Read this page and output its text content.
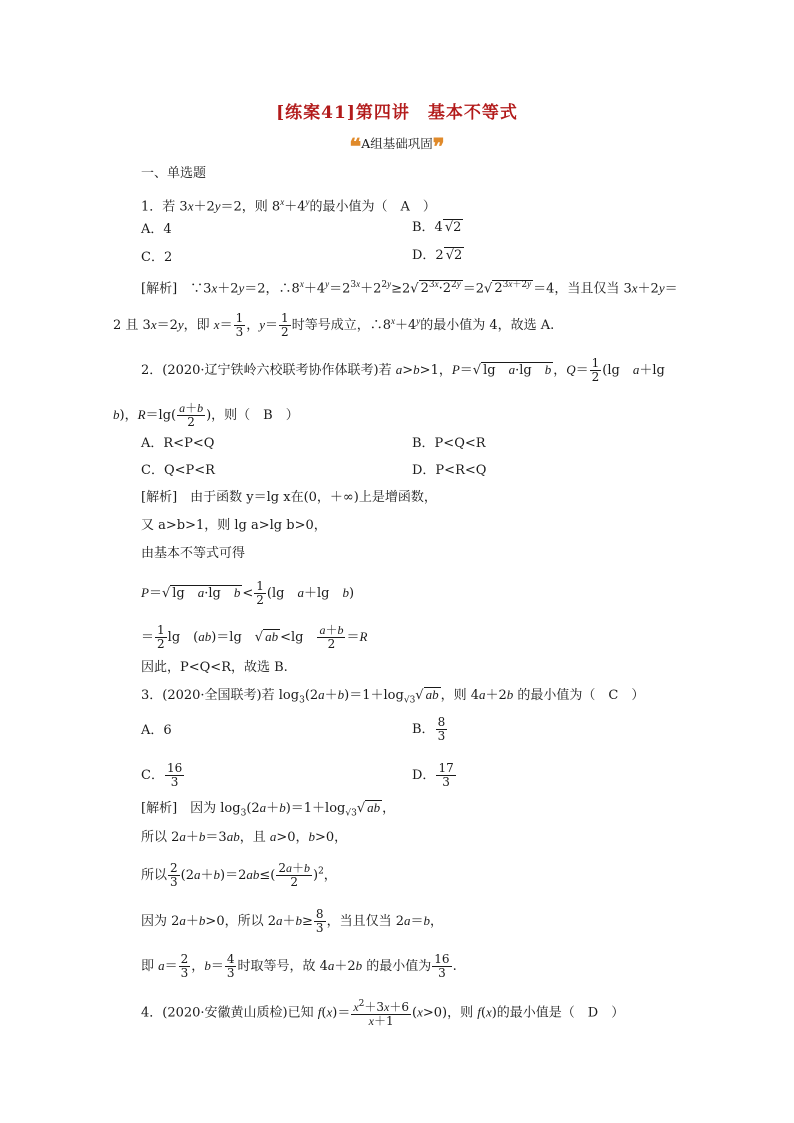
[练案41]第四讲　基本不等式
❝A组基础巩固❞
一、单选题
1．若 3x＋2y＝2，则 $8^x+4^y$的最小值为（　A　）
A．4	B．4 √2
C．2	D．2 √2
[解析]　∵3x＋2y＝2，$\therefore 8^x+4^y=2^{3x}+2^{2y}\ge 2√$ $2^{3x}\cdot 2^{2y} =2√$ $2^{3x+2y} =4$，当且仅当 3x＋2y＝
2 且 3x＝2y，即 $x= \frac{1}{3}$ ，$y= \frac{1}{2}$ 时等号成立，$\therefore 8^x+4^y$的最小值为 4，故选 A.
2．(2020·辽宁铁岭六校联考协作体联考)若 a>b>1，P＝√ lg　a·lg　b ，$Q= \frac{1}{2} (\lg$　a＋lg
b)，$R=\lg( \frac{a+b}{2}$ )，则（　B　）
A．R<P<Q	B．P<Q<R
C．Q<P<R	D．P<R<Q
[解析]　由于函数 y＝lg x在(0，＋∞)上是增函数，
又 a>b>1，则 lg a>lg b>0，
由基本不等式可得
P＝√ lg　a·lg　$b < \frac{1}{2} (\lg$　a＋lg　b)
＝ $\frac{1}{2}$ lg　(ab)＝lg　√ ab <lg　 $\frac{a+b}{2} =R$
因此，P<Q<R，故选 B.
3．(2020·全国联考)若 $\log_3(2a+b)=1+\log_{√3}√$ ab ，则 4a＋2b 的最小值为（　C　）
A．6	B． $\frac{8}{3}$
C． $\frac{16}{3}$	D． $\frac{17}{3}$
[解析]　因为 $\log_3(2a+b)=1+\log_{√3}√$ ab ，
所以 2a＋b＝3ab，且 a>0，b>0，
所以 $\frac{2}{3} (2a+b)=2ab\le( \frac{2a+b}{2} )^2$，
因为 2a＋b>0，所以 $2a+b\ge \frac{8}{3}$ ，当且仅当 2a＝b，
即 $a= \frac{2}{3}$ ，$b= \frac{4}{3}$ 时取等号，故 4a＋2b 的最小值为 $\frac{16}{3}$ .
4．(2020·安徽黄山质检)已知 $f(x)= \frac{x^2+3x+6}{x+1} (x>0)$，则 f(x)的最小值是（　D　）
